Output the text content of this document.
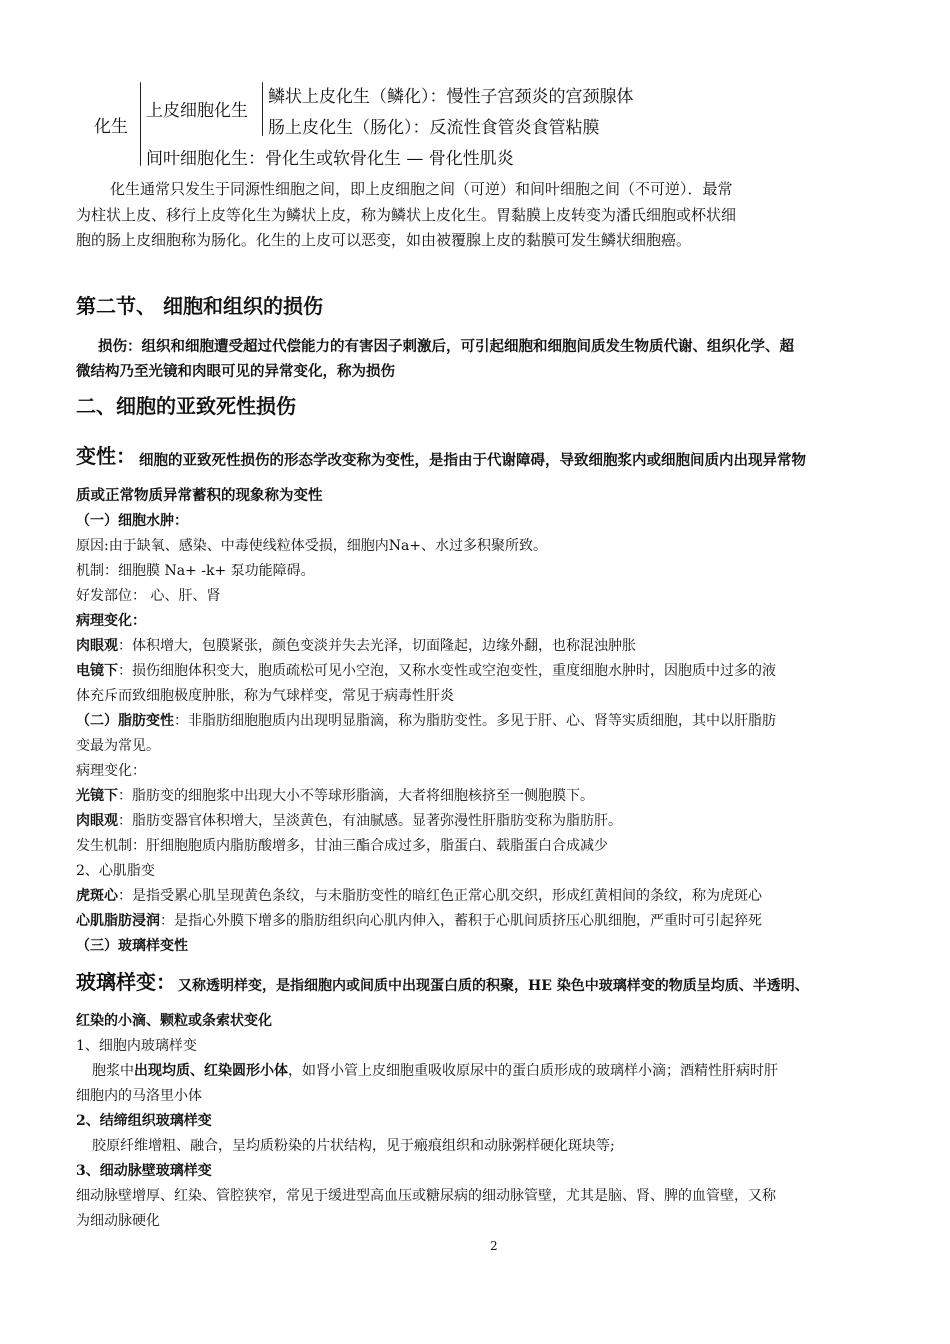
化生
上皮细胞化生
鳞状上皮化生（鳞化）：慢性子宫颈炎的宫颈腺体
肠上皮化生（肠化）：反流性食管炎食管粘膜
间叶细胞化生：骨化生或软骨化生 — 骨化性肌炎
化生通常只发生于同源性细胞之间，即上皮细胞之间（可逆）和间叶细胞之间（不可逆）．最常
为柱状上皮、移行上皮等化生为鳞状上皮，称为鳞状上皮化生。胃黏膜上皮转变为潘氏细胞或杯状细
胞的肠上皮细胞称为肠化。化生的上皮可以恶变，如由被覆腺上皮的黏膜可发生鳞状细胞癌。
第二节、 细胞和组织的损伤
损伤：组织和细胞遭受超过代偿能力的有害因子刺激后，可引起细胞和细胞间质发生物质代谢、组织化学、超
微结构乃至光镜和肉眼可见的异常变化，称为损伤
二、细胞的亚致死性损伤
变性： 细胞的亚致死性损伤的形态学改变称为变性，是指由于代谢障碍，导致细胞浆内或细胞间质内出现异常物
质或正常物质异常蓄积的现象称为变性
（一）细胞水肿：
原因:由于缺氧、感染、中毒使线粒体受损，细胞内Na+、水过多积聚所致。
机制：细胞膜 Na+ -k+ 泵功能障碍。
好发部位： 心、肝、肾
病理变化：
肉眼观：体积增大，包膜紧张，颜色变淡并失去光泽，切面隆起，边缘外翻，也称混浊肿胀
电镜下：损伤细胞体积变大，胞质疏松可见小空泡，又称水变性或空泡变性，重度细胞水肿时，因胞质中过多的液
体充斥而致细胞极度肿胀，称为气球样变，常见于病毒性肝炎
（二）脂肪变性：非脂肪细胞胞质内出现明显脂滴，称为脂肪变性。多见于肝、心、肾等实质细胞，其中以肝脂肪
变最为常见。
病理变化：
光镜下：脂肪变的细胞浆中出现大小不等球形脂滴，大者将细胞核挤至一侧胞膜下。
肉眼观：脂肪变器官体积增大，呈淡黄色，有油腻感。显著弥漫性肝脂肪变称为脂肪肝。
发生机制：肝细胞胞质内脂肪酸增多，甘油三酯合成过多，脂蛋白、载脂蛋白合成减少
2、心肌脂变
虎斑心：是指受累心肌呈现黄色条纹，与未脂肪变性的暗红色正常心肌交织，形成红黄相间的条纹，称为虎斑心
心肌脂肪浸润：是指心外膜下增多的脂肪组织向心肌内伸入，蓄积于心肌间质挤压心肌细胞，严重时可引起猝死
（三）玻璃样变性
玻璃样变： 又称透明样变，是指细胞内或间质中出现蛋白质的积聚，HE 染色中玻璃样变的物质呈均质、半透明、
红染的小滴、颗粒或条索状变化
1、细胞内玻璃样变
胞浆中出现均质、红染圆形小体，如肾小管上皮细胞重吸收原尿中的蛋白质形成的玻璃样小滴；酒精性肝病时肝
细胞内的马洛里小体
2、结缔组织玻璃样变
胶原纤维增粗、融合，呈均质粉染的片状结构，见于瘢痕组织和动脉粥样硬化斑块等;
3、细动脉壁玻璃样变
细动脉壁增厚、红染、管腔狭窄，常见于缓进型高血压或糖尿病的细动脉管壁，尤其是脑、肾、脾的血管壁，又称
为细动脉硬化
2
